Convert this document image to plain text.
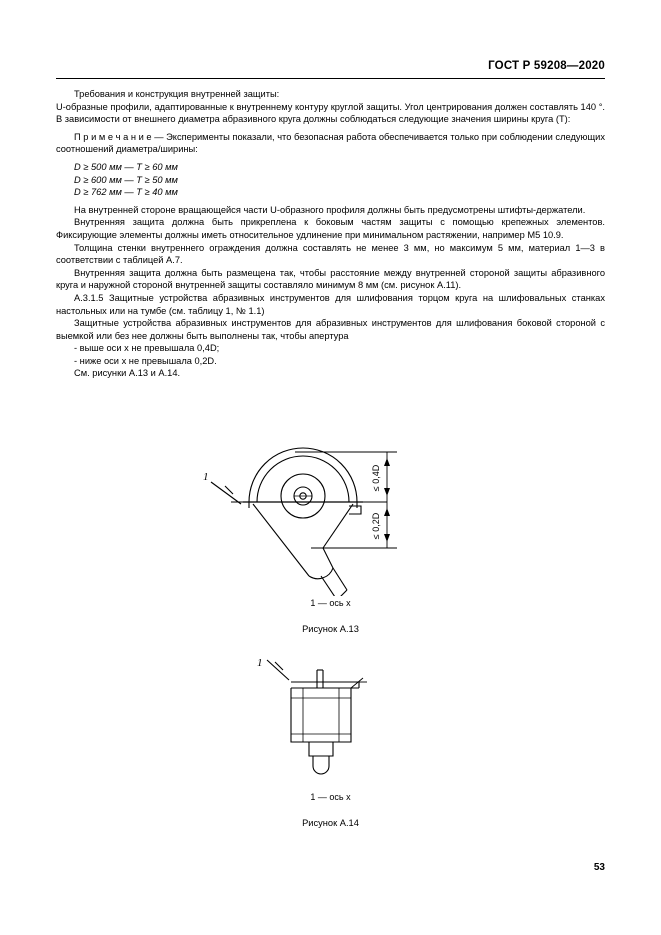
ГОСТ Р 59208—2020

Требования и конструкция внутренней защиты:

U-образные профили, адаптированные к внутреннему контуру круглой защиты. Угол центрирования должен составлять 140 °. В зависимости от внешнего диаметра абразивного круга должны соблюдаться следующие значения ширины круга (T):

П р и м е ч а н и е — Эксперименты показали, что безопасная работа обеспечивается только при соблюдении следующих соотношений диаметра/ширины:

D ≥ 500 мм — T ≥ 60 мм

D ≥ 600 мм — T ≥ 50 мм

D ≥ 762 мм — T ≥ 40 мм

На внутренней стороне вращающейся части U-образного профиля должны быть предусмотрены штифты-держатели.

Внутренняя защита должна быть прикреплена к боковым частям защиты с помощью крепежных элементов. Фиксирующие элементы должны иметь относительное удлинение при минимальном растяжении, например М5 10.9.

Толщина стенки внутреннего ограждения должна составлять не менее 3 мм, но максимум 5 мм, материал 1—3 в соответствии с таблицей А.7.

Внутренняя защита должна быть размещена так, чтобы расстояние между внутренней стороной защиты абразивного круга и наружной стороной внутренней защиты составляло минимум 8 мм (см. рисунок А.11).

А.3.1.5 Защитные устройства абразивных инструментов для шлифования торцом круга на шлифовальных станках настольных или на тумбе (см. таблицу 1, № 1.1)

Защитные устройства абразивных инструментов для абразивных инструментов для шлифования боковой стороной с выемкой или без нее должны быть выполнены так, чтобы апертура

- выше оси х не превышала 0,4D;

- ниже оси х не превышала 0,2D.

См. рисунки А.13 и А.14.

1	≤ 0,4D
≤ 0,2D
1 — ось х
Рисунок А.13
1
1 — ось х
Рисунок А.14
53
